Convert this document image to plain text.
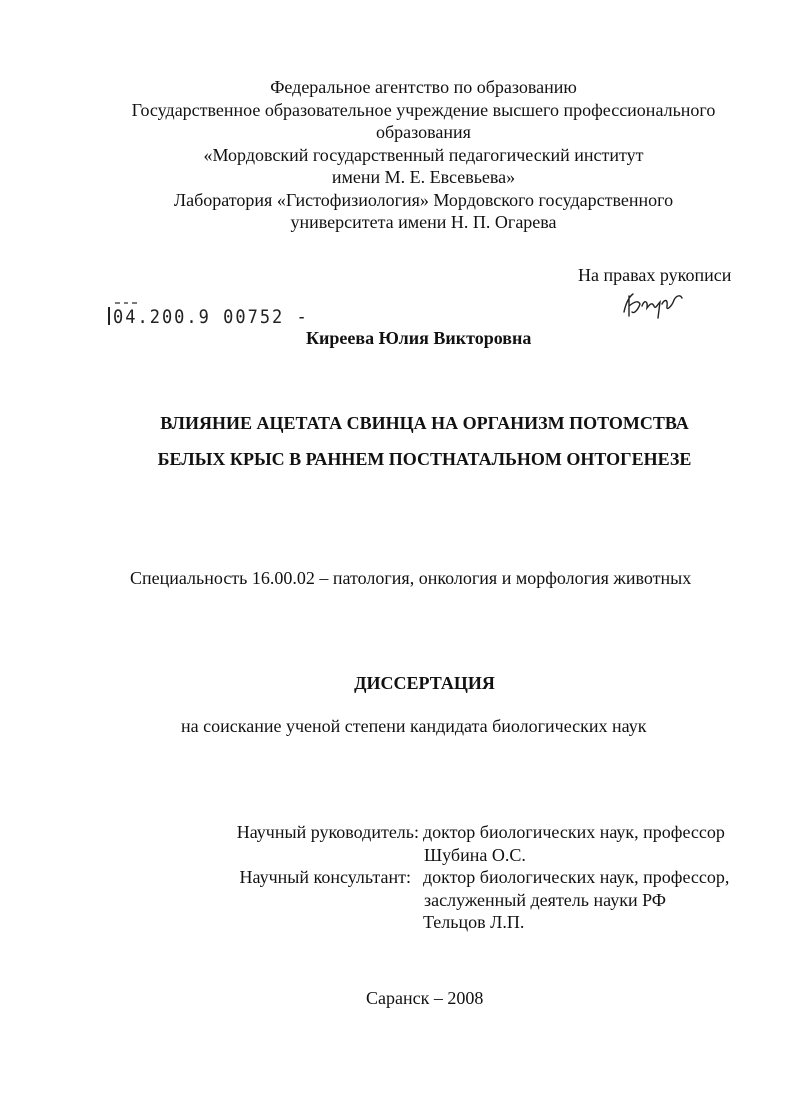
Федеральное агентство по образованию
Государственное образовательное учреждение высшего профессионального
образования
«Мордовский государственный педагогический институт
имени М. Е. Евсевьева»
Лаборатория «Гистофизиология» Мордовского государственного
университета имени Н. П. Огарева
На правах рукописи
04.200.9 00752 -
Киреева Юлия Викторовна
ВЛИЯНИЕ АЦЕТАТА СВИНЦА НА ОРГАНИЗМ ПОТОМСТВА
БЕЛЫХ КРЫС В РАННЕМ ПОСТНАТАЛЬНОМ ОНТОГЕНЕЗЕ
Специальность 16.00.02 – патология, онкология и морфология животных
ДИССЕРТАЦИЯ
на соискание ученой степени кандидата биологических наук
Научный руководитель: доктор биологических наук, профессор
Шубина О.С.
Научный консультант: доктор биологических наук, профессор,
заслуженный деятель науки РФ
Тельцов Л.П.
Саранск – 2008
